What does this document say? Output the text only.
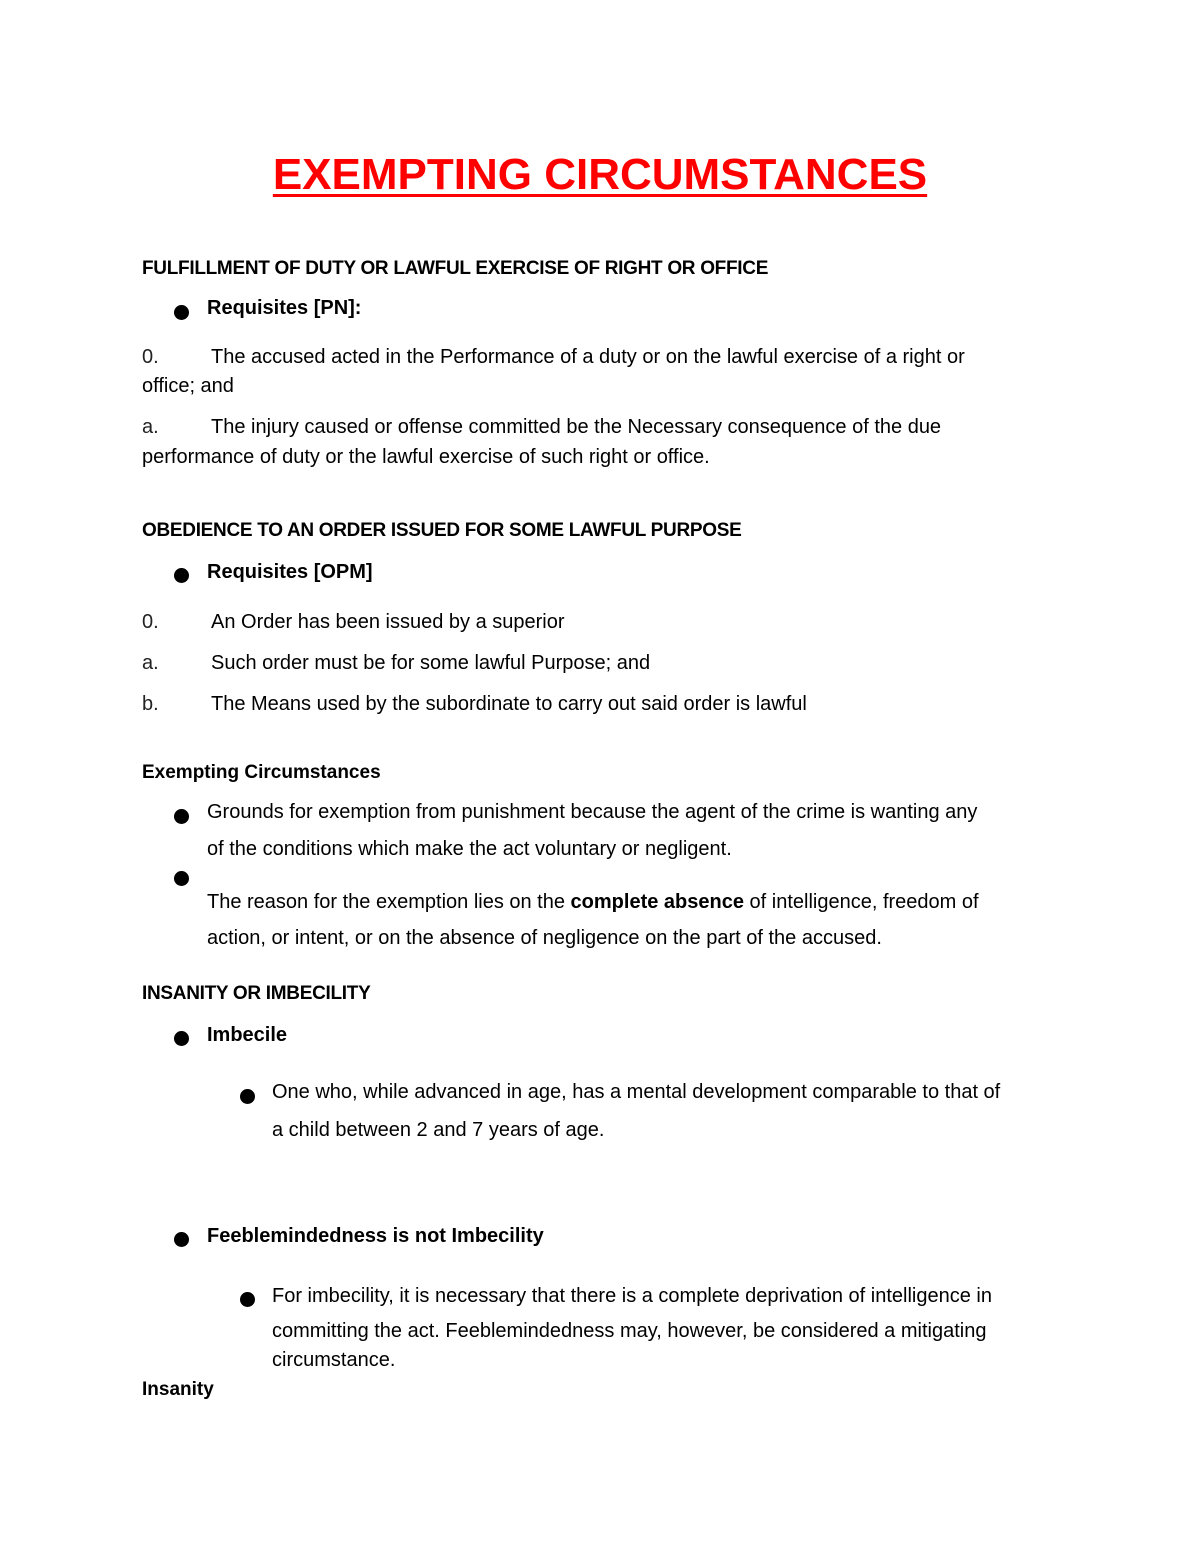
EXEMPTING CIRCUMSTANCES
FULFILLMENT OF DUTY OR LAWFUL EXERCISE OF RIGHT OR OFFICE
Requisites [PN]:
0.	The accused acted in the Performance of a duty or on the lawful exercise of a right or
office; and
a.	The injury caused or offense committed be the Necessary consequence of the due
performance of duty or the lawful exercise of such right or office.
OBEDIENCE TO AN ORDER ISSUED FOR SOME LAWFUL PURPOSE
Requisites [OPM]
0.	An Order has been issued by a superior
a.	Such order must be for some lawful Purpose; and
b.	The Means used by the subordinate to carry out said order is lawful
Exempting Circumstances
Grounds for exemption from punishment because the agent of the crime is wanting any
of the conditions which make the act voluntary or negligent.
The reason for the exemption lies on the complete absence of intelligence, freedom of
action, or intent, or on the absence of negligence on the part of the accused.
INSANITY OR IMBECILITY
Imbecile
One who, while advanced in age, has a mental development comparable to that of
a child between 2 and 7 years of age.
Feeblemindedness is not Imbecility
For imbecility, it is necessary that there is a complete deprivation of intelligence in
committing the act. Feeblemindedness may, however, be considered a mitigating
circumstance.
Insanity
